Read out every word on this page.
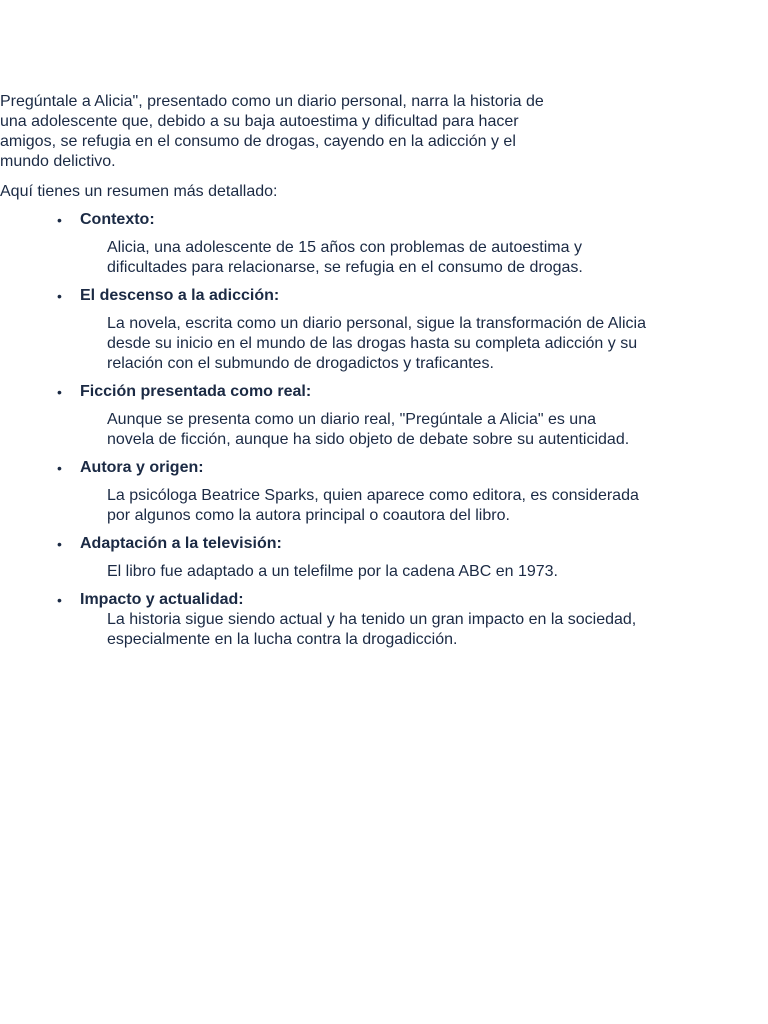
Pregúntale a Alicia", presentado como un diario personal, narra la historia de una adolescente que, debido a su baja autoestima y dificultad para hacer amigos, se refugia en el consumo de drogas, cayendo en la adicción y el mundo delictivo.

Aquí tienes un resumen más detallado:

• Contexto:
Alicia, una adolescente de 15 años con problemas de autoestima y dificultades para relacionarse, se refugia en el consumo de drogas.
• El descenso a la adicción:
La novela, escrita como un diario personal, sigue la transformación de Alicia desde su inicio en el mundo de las drogas hasta su completa adicción y su relación con el submundo de drogadictos y traficantes.
• Ficción presentada como real:
Aunque se presenta como un diario real, "Pregúntale a Alicia" es una novela de ficción, aunque ha sido objeto de debate sobre su autenticidad.
• Autora y origen:
La psicóloga Beatrice Sparks, quien aparece como editora, es considerada por algunos como la autora principal o coautora del libro.
• Adaptación a la televisión:
El libro fue adaptado a un telefilme por la cadena ABC en 1973.
• Impacto y actualidad:
La historia sigue siendo actual y ha tenido un gran impacto en la sociedad, especialmente en la lucha contra la drogadicción.
